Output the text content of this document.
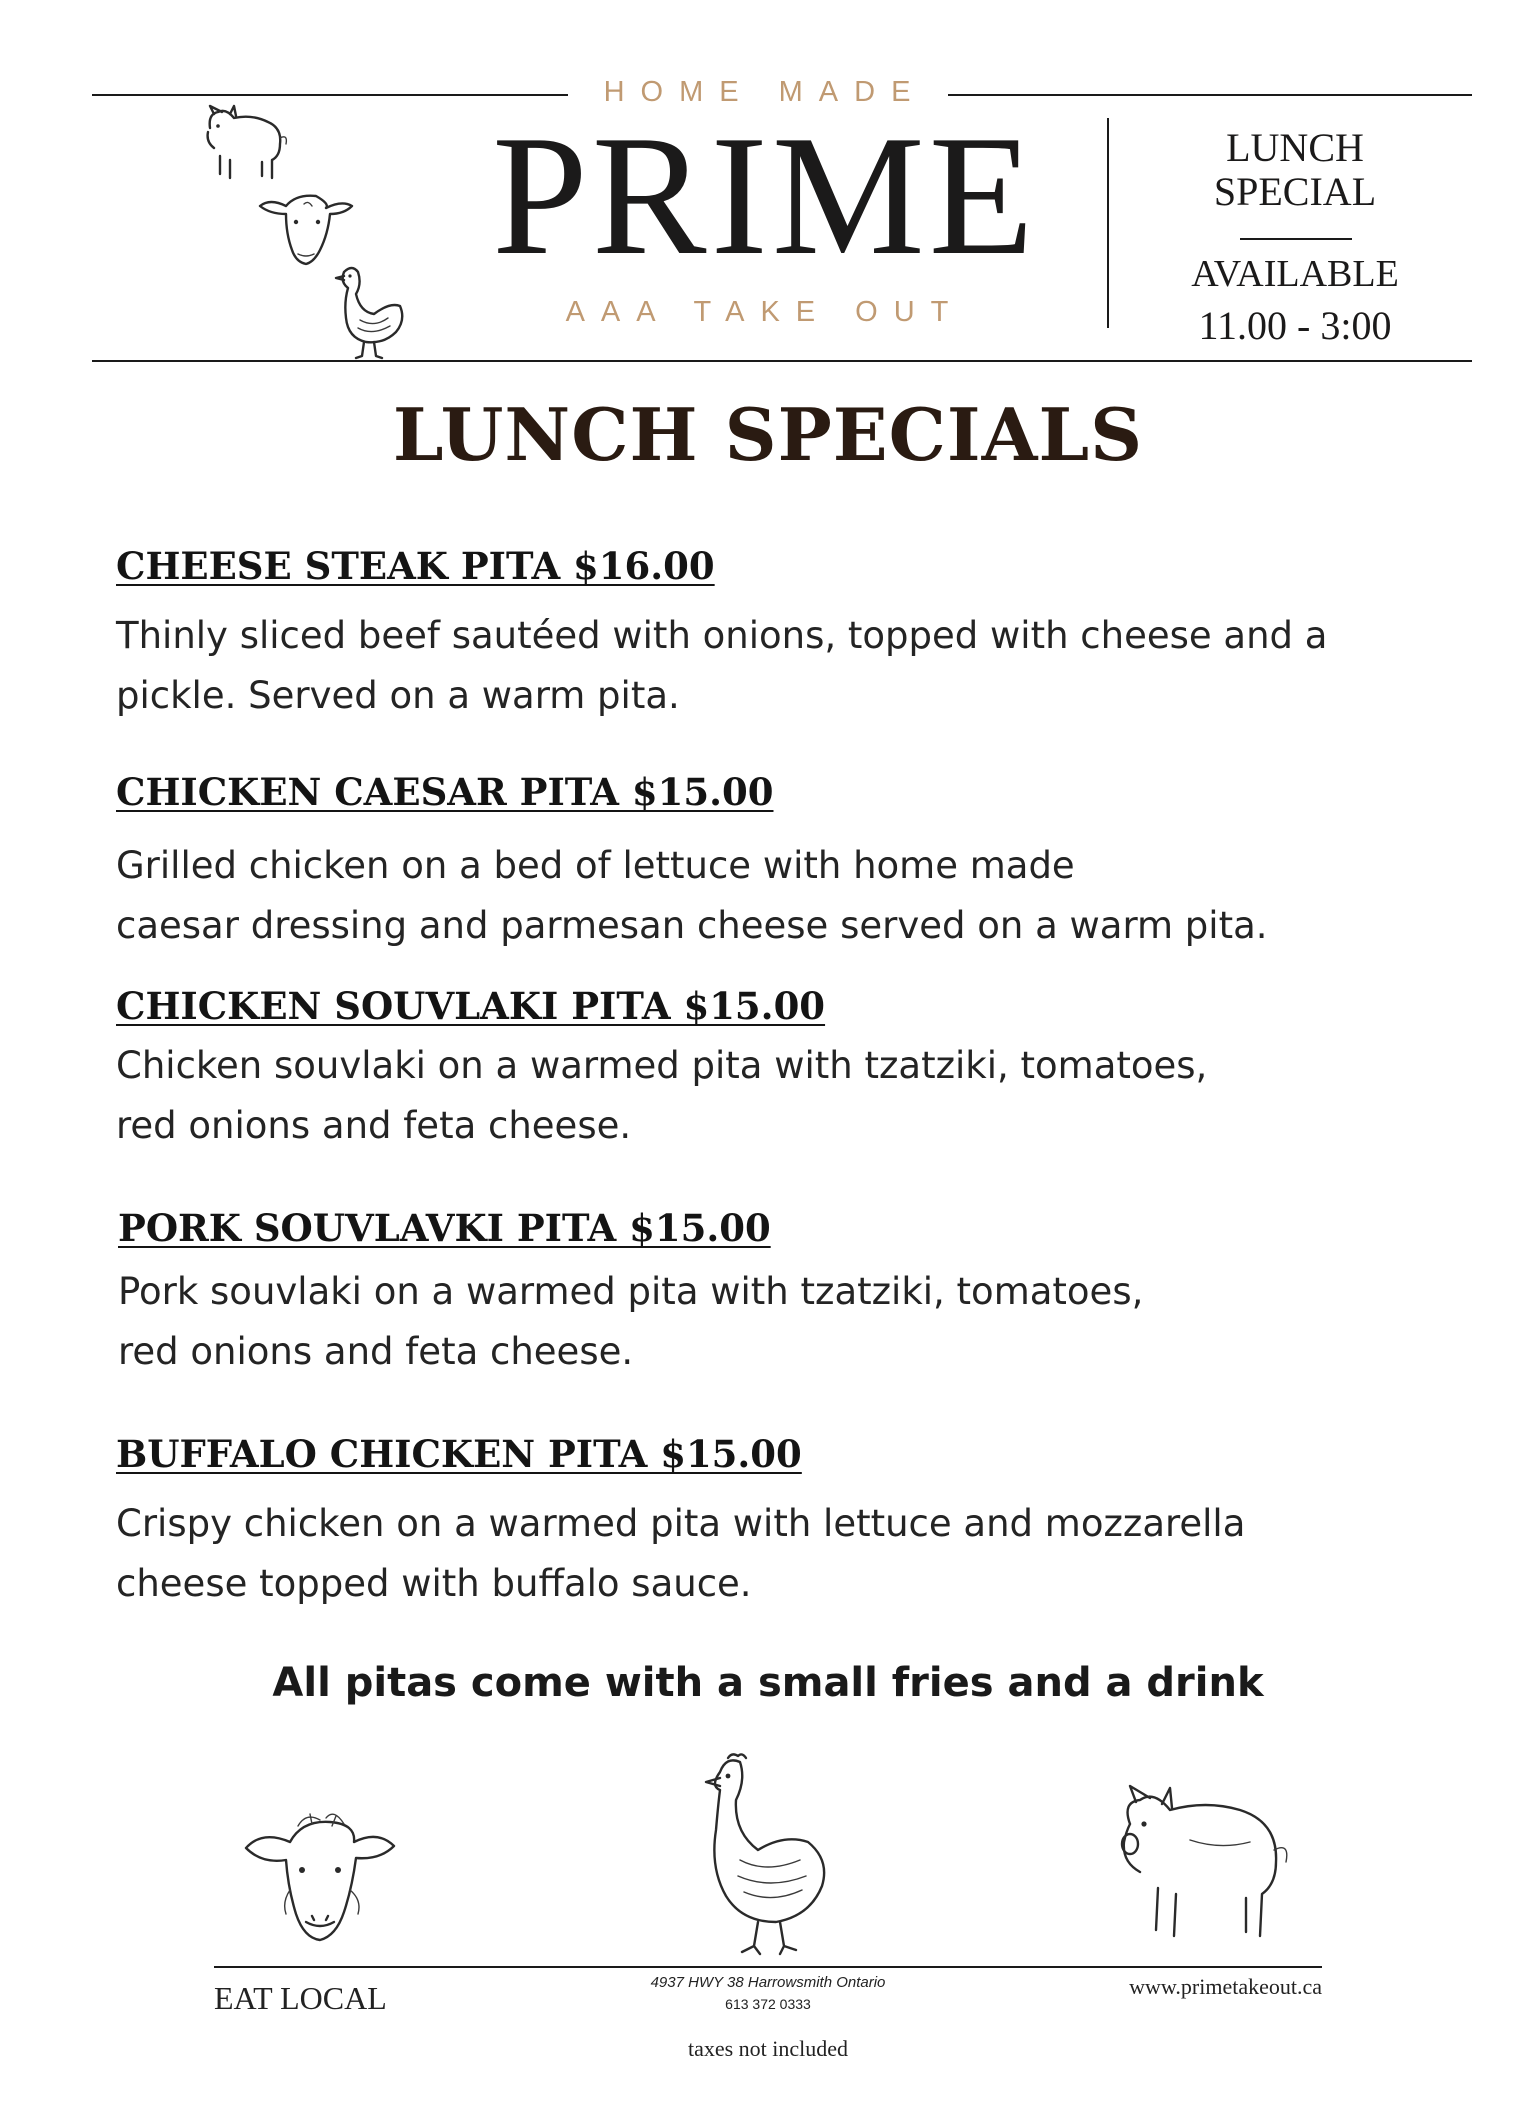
HOME MADE
PRIME
AAA TAKE OUT
LUNCH
SPECIAL
AVAILABLE
11.00 - 3:00
LUNCH SPECIALS
CHEESE STEAK PITA $16.00
Thinly sliced beef sautéed with onions, topped with cheese and a
pickle. Served on a warm pita.
CHICKEN CAESAR PITA $15.00
Grilled chicken on a bed of lettuce with home made
caesar dressing and parmesan cheese served on a warm pita.
CHICKEN SOUVLAKI PITA $15.00
Chicken souvlaki on a warmed pita with tzatziki, tomatoes,
red onions and feta cheese.
PORK SOUVLAVKI PITA $15.00
Pork souvlaki on a warmed pita with tzatziki, tomatoes,
red onions and feta cheese.
BUFFALO CHICKEN PITA $15.00
Crispy chicken on a warmed pita with lettuce and mozzarella
cheese topped with buffalo sauce.
All pitas come with a small fries and a drink
EAT LOCAL	4937 HWY 38 Harrowsmith Ontario
613 372 0333
www.primetakeout.ca
taxes not included
